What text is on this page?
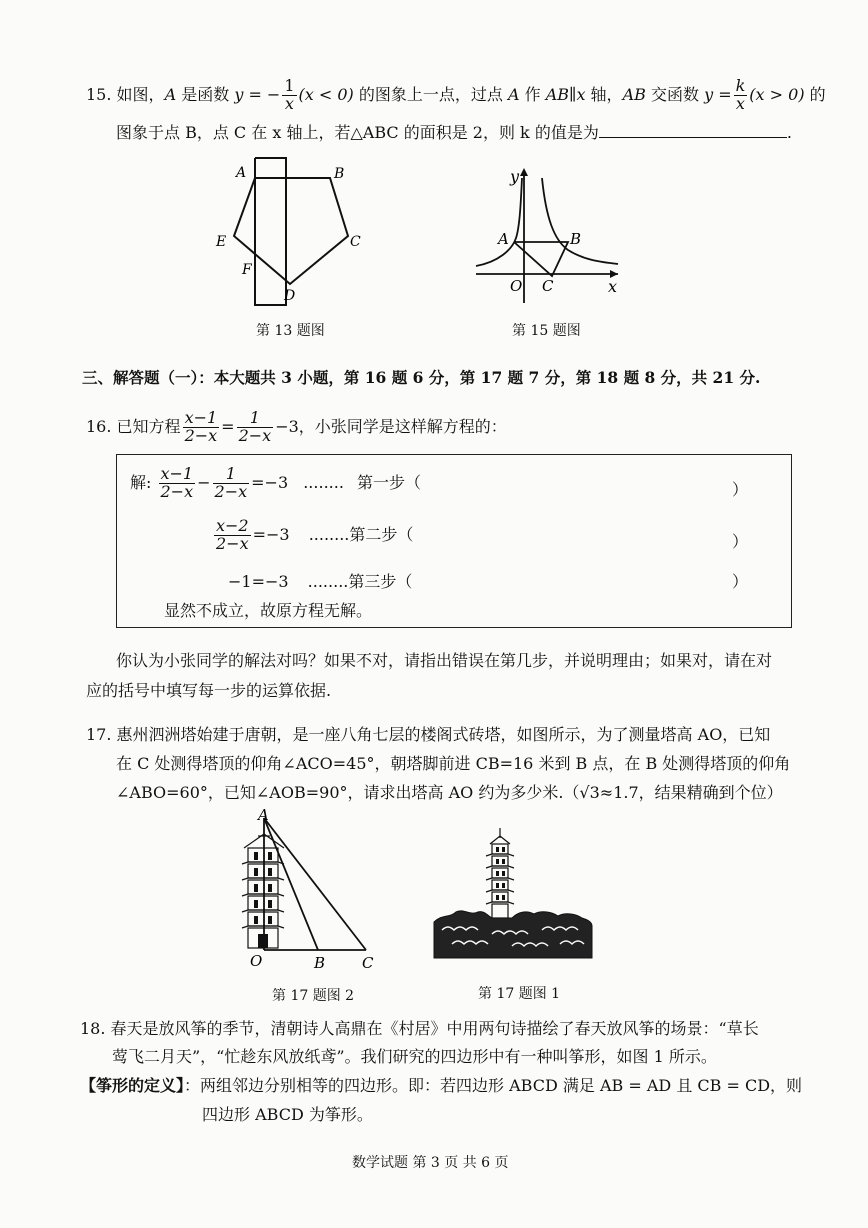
15. 如图，A 是函数 y = − $\frac{1}{x} (x < 0)$ 的图象上一点，过点 A 作 AB∥x 轴，AB 交函数 $y = \frac{k}{x} (x > 0)$ 的
图象于点 B，点 C 在 x 轴上，若△ABC 的面积是 2，则 k 的值是为	.
A	B
C
E
F
D
第 13 题图
y
x
A	B
O C
第 15 题图
三、解答题（一）：本大题共 3 小题，第 16 题 6 分，第 17 题 7 分，第 18 题 8 分，共 21 分.
16. 已知方程 $\frac{x-1}{2-x} = \frac{1}{2-x} -3$，小张同学是这样解方程的：
解: $\frac{x-1}{2-x} - \frac{1}{2-x} =-3$ ........ 第一步（	）
$\frac{x-2}{2-x} =-3$ ........第二步（	）
−1=−3 ........第三步（	）
显然不成立，故原方程无解。
你认为小张同学的解法对吗？如果不对，请指出错误在第几步，并说明理由；如果对，请在对
应的括号中填写每一步的运算依据.
17. 惠州泗洲塔始建于唐朝，是一座八角七层的楼阁式砖塔，如图所示，为了测量塔高 AO，已知
在 C 处测得塔顶的仰角∠ACO=45°，朝塔脚前进 CB=16 米到 B 点，在 B 处测得塔顶的仰角
∠ABO=60°，已知∠AOB=90°，请求出塔高 AO 约为多少米.（√3≈1.7，结果精确到个位）
A
O	B C
第 17 题图 2	第 17 题图 1
18. 春天是放风筝的季节，清朝诗人高鼎在《村居》中用两句诗描绘了春天放风筝的场景：“草长
莺飞二月天”，“忙趁东风放纸鸢”。我们研究的四边形中有一种叫筝形，如图 1 所示。
【筝形的定义】：两组邻边分别相等的四边形。即：若四边形 ABCD 满足 AB = AD 且 CB = CD，则
四边形 ABCD 为筝形。
数学试题 第 3 页 共 6 页
